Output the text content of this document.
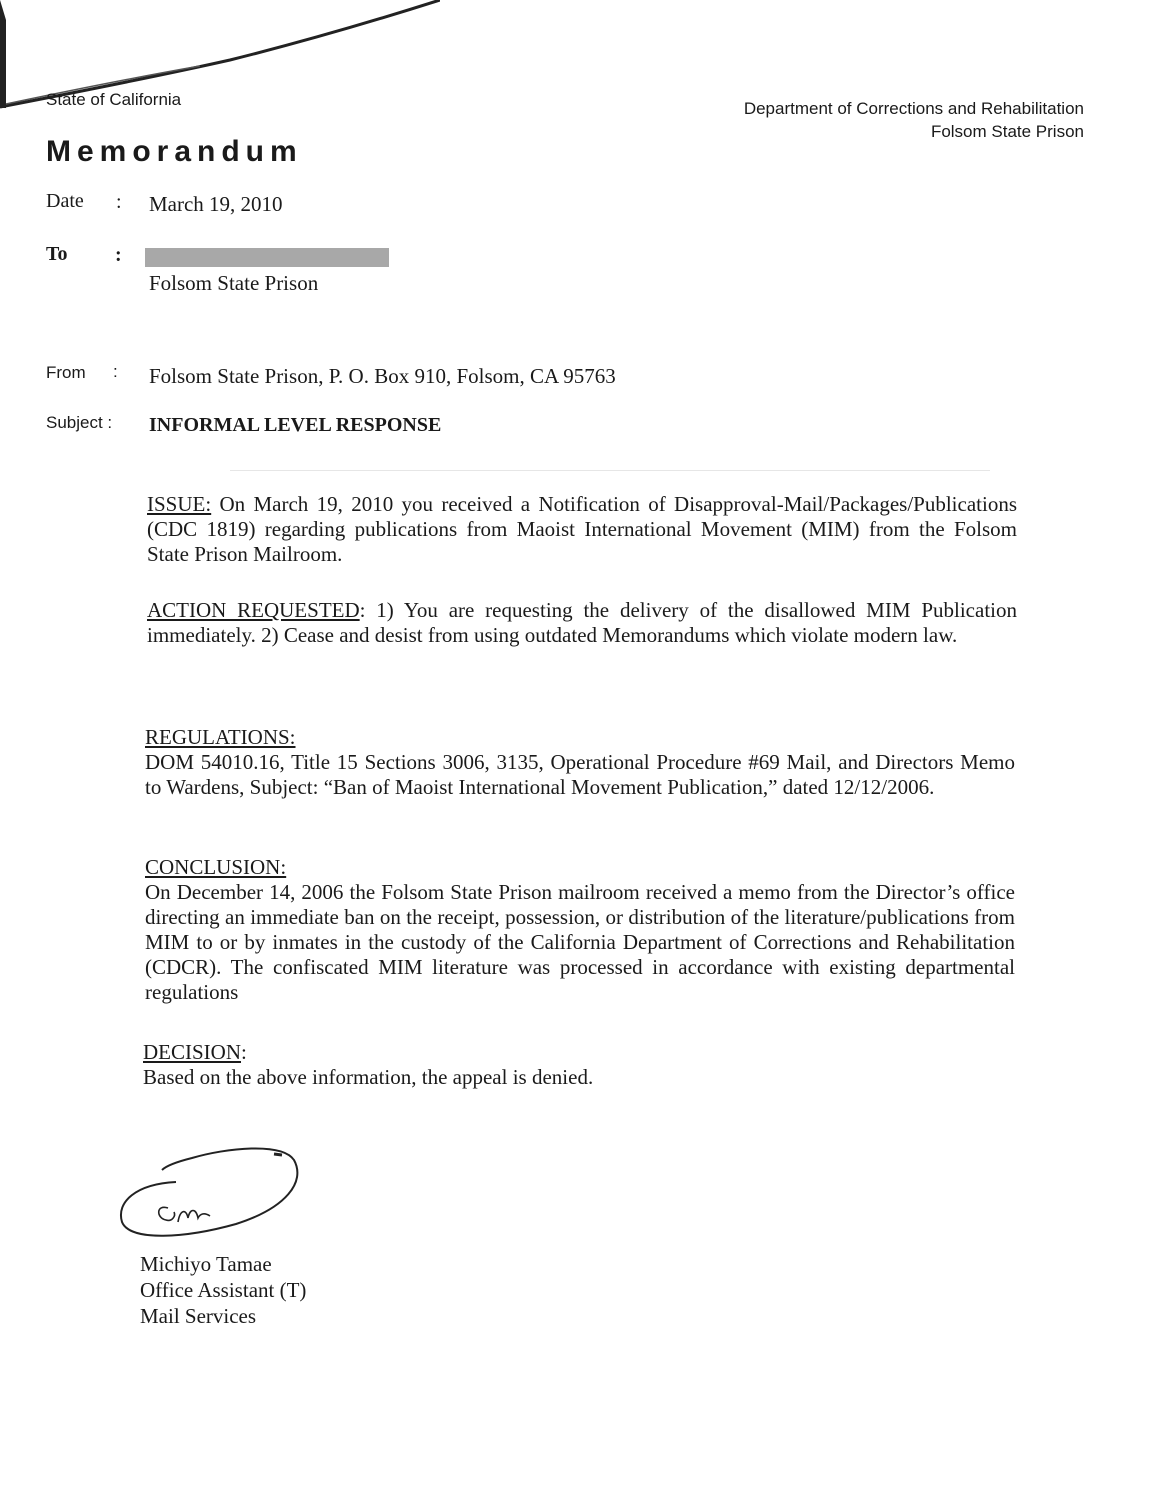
State of California	Department of Corrections and Rehabilitation
Folsom State Prison
Memorandum
Date : March 19, 2010
To :
Folsom State Prison
From : Folsom State Prison, P. O. Box 910, Folsom, CA 95763
Subject : INFORMAL LEVEL RESPONSE
ISSUE: On March 19, 2010 you received a Notification of Disapproval-Mail/Packages/Publications (CDC 1819) regarding publications from Maoist International Movement (MIM) from the Folsom State Prison Mailroom.
ACTION REQUESTED: 1) You are requesting the delivery of the disallowed MIM Publication immediately. 2) Cease and desist from using outdated Memorandums which violate modern law.
REGULATIONS:
DOM 54010.16, Title 15 Sections 3006, 3135, Operational Procedure #69 Mail, and Directors Memo to Wardens, Subject: “Ban of Maoist International Movement Publication,” dated 12/12/2006.
CONCLUSION:
On December 14, 2006 the Folsom State Prison mailroom received a memo from the Director’s office directing an immediate ban on the receipt, possession, or distribution of the literature/publications from MIM to or by inmates in the custody of the California Department of Corrections and Rehabilitation (CDCR). The confiscated MIM literature was processed in accordance with existing departmental regulations
DECISION:
Based on the above information, the appeal is denied.
Michiyo Tamae
Office Assistant (T)
Mail Services
